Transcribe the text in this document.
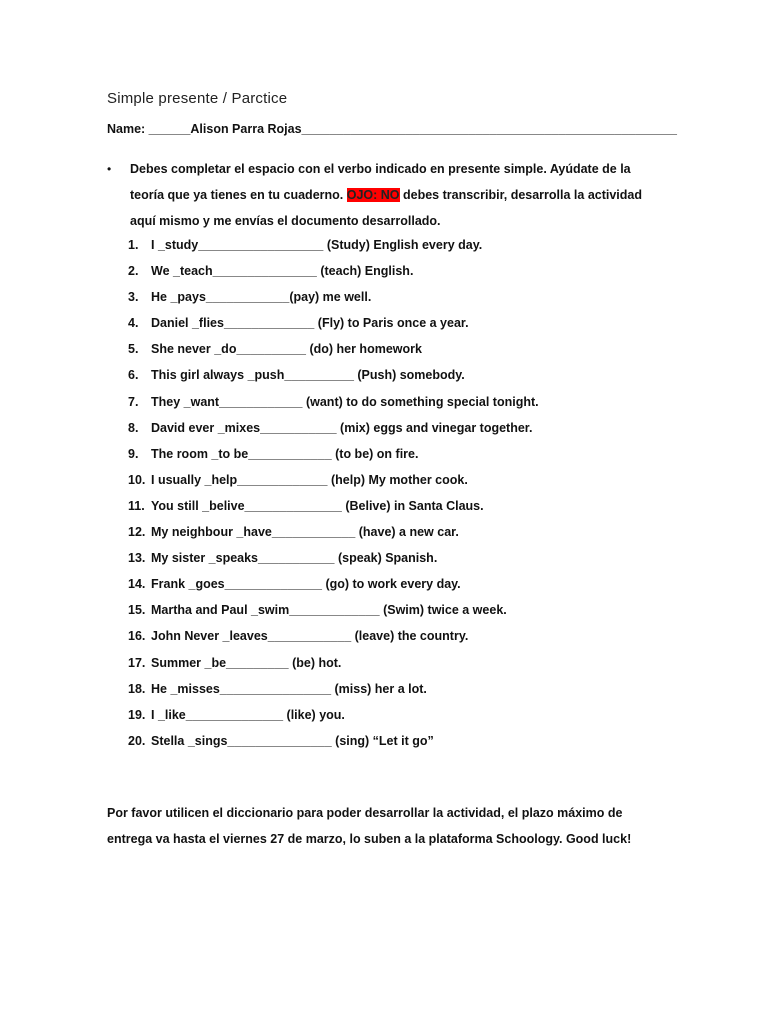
Simple presente / Parctice
Name: ______Alison Parra Rojas______________________________________________________
• Debes completar el espacio con el verbo indicado en presente simple. Ayúdate de la teoría que ya tienes en tu cuaderno. OJO: NO debes transcribir, desarrolla la actividad aquí mismo y me envías el documento desarrollado.
1. I _study__________________ (Study) English every day.
2. We _teach_______________ (teach) English.
3. He _pays____________(pay) me well.
4. Daniel _flies_____________ (Fly) to Paris once a year.
5. She never _do__________ (do) her homework
6. This girl always _push__________ (Push) somebody.
7. They _want____________ (want) to do something special tonight.
8. David ever _mixes___________ (mix) eggs and vinegar together.
9. The room _to be____________ (to be) on fire.
10. I usually _help_____________ (help) My mother cook.
11. You still _belive______________ (Belive) in Santa Claus.
12. My neighbour _have____________ (have) a new car.
13. My sister _speaks___________ (speak) Spanish.
14. Frank _goes______________ (go) to work every day.
15. Martha and Paul _swim_____________ (Swim) twice a week.
16. John Never _leaves____________ (leave) the country.
17. Summer _be_________ (be) hot.
18. He _misses________________ (miss) her a lot.
19. I _like______________ (like) you.
20. Stella _sings_______________ (sing) “Let it go”
Por favor utilicen el diccionario para poder desarrollar la actividad, el plazo máximo de entrega va hasta el viernes 27 de marzo, lo suben a la plataforma Schoology. Good luck!
